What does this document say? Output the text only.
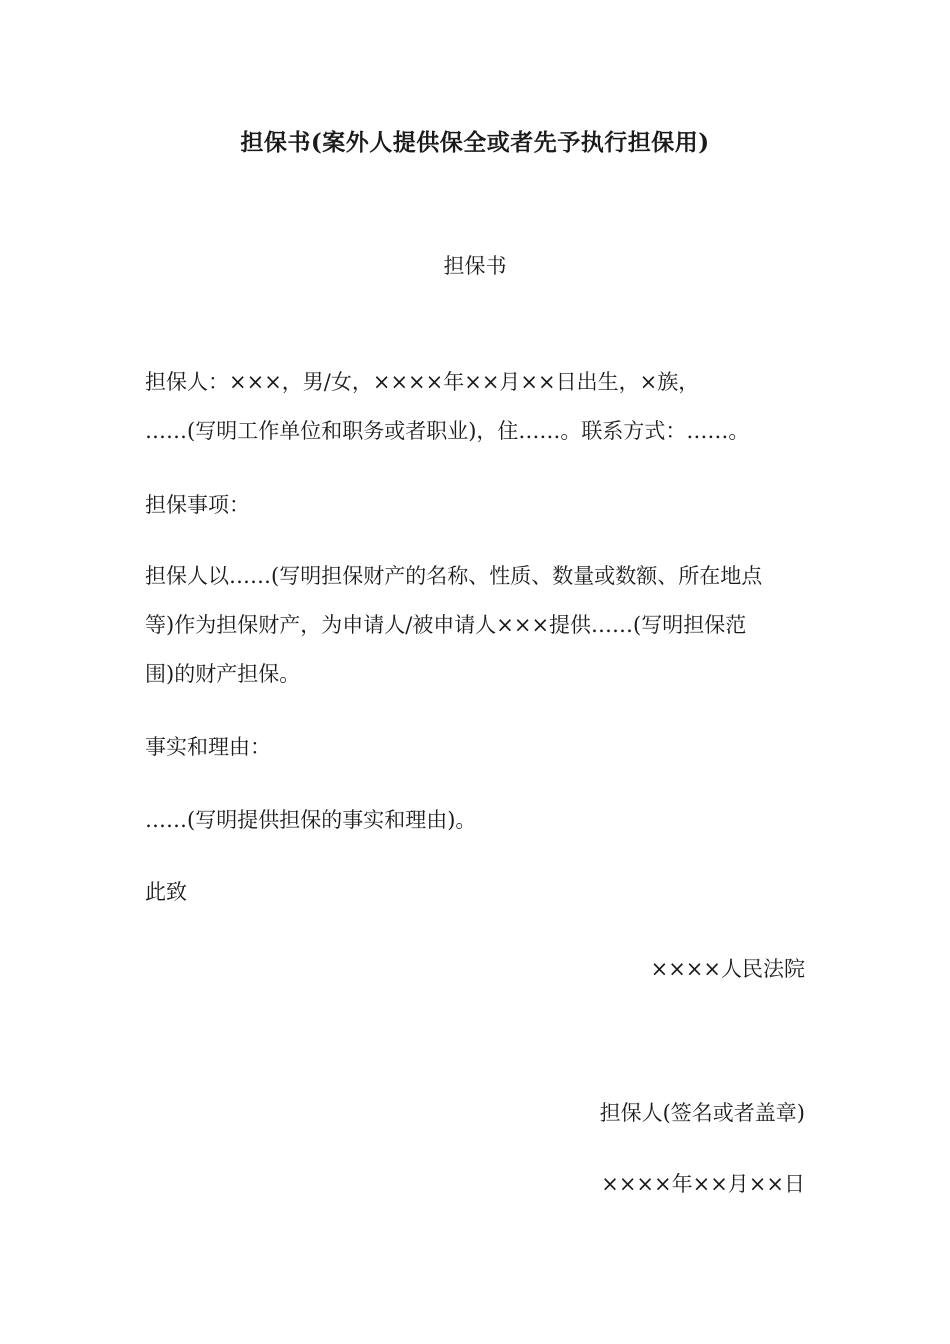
担保书(案外人提供保全或者先予执行担保用)
担保书
担保人：×××，男/女，××××年××月××日出生，×族，
……(写明工作单位和职务或者职业)，住……。联系方式：……。
担保事项：
担保人以……(写明担保财产的名称、性质、数量或数额、所在地点
等)作为担保财产，为申请人/被申请人×××提供……(写明担保范
围)的财产担保。
事实和理由：
……(写明提供担保的事实和理由)。
此致
××××人民法院
担保人(签名或者盖章)
××××年××月××日
